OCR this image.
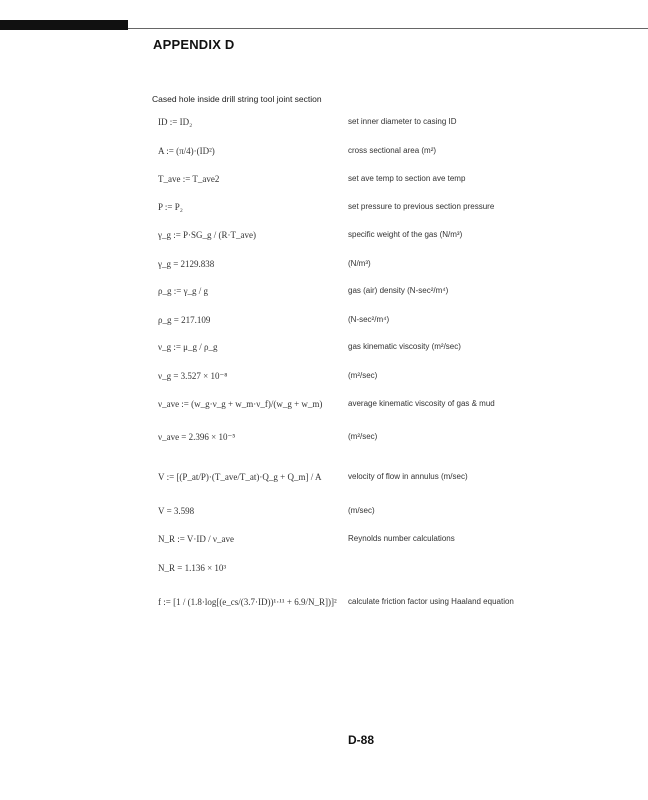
APPENDIX D
Cased hole inside drill string tool joint section
ID := ID₂	set inner diameter to casing ID
A := (π/4)·(ID²)	cross sectional area (m²)
T_ave := T_ave2	set ave temp to section ave temp
P := P₂	set pressure to previous section pressure
γ_g := P·SG_g / (R·T_ave)	specific weight of the gas (N/m³)
γ_g = 2129.838	(N/m³)
ρ_g := γ_g / g	gas (air) density (N-sec²/m⁴)
ρ_g = 217.109	(N-sec²/m⁴)
ν_g := μ_g / ρ_g	gas kinematic viscosity (m²/sec)
ν_g = 3.527 × 10⁻⁸	(m²/sec)
ν_ave := (w_g·ν_g + w_m·ν_f)/(w_g + w_m)	average kinematic viscosity of gas & mud
ν_ave = 2.396 × 10⁻⁵	(m²/sec)
V := [(P_at/P)·(T_ave/T_at)·Q_g + Q_m] / A	velocity of flow in annulus (m/sec)
V = 3.598	(m/sec)
N_R := V·ID / ν_ave	Reynolds number calculations
N_R = 1.136 × 10³
f := [1 / (1.8·log[(e_cs/(3.7·ID))¹·¹¹ + 6.9/N_R])]² calculate friction factor using Haaland equation
D-88
